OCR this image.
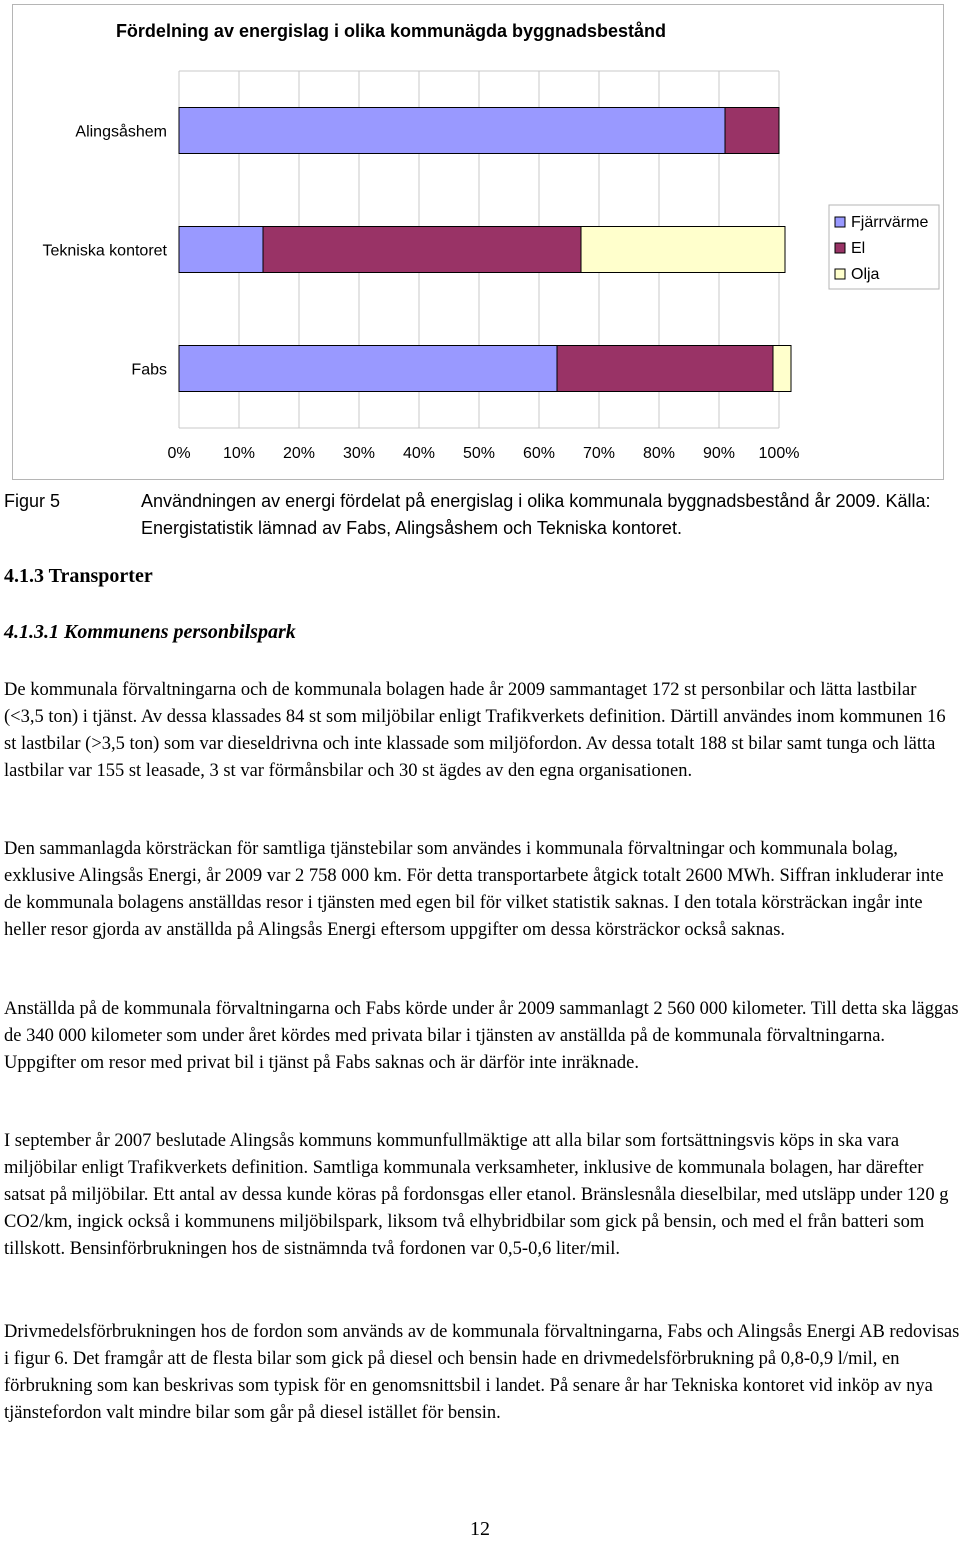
Fördelning av energislag i olika kommunägda byggnadsbestånd
Alingsåshem
Tekniska kontoret
Fabs
0% 10% 20% 30% 40% 50% 60% 70% 80% 90% 100%
Fjärrvärme
El
Olja
Figur 5	Användningen av energi fördelat på energislag i olika kommunala byggnadsbestånd år 2009. Källa: Energistatistik lämnad av Fabs, Alingsåshem och Tekniska kontoret.
4.1.3 Transporter
4.1.3.1 Kommunens personbilspark

De kommunala förvaltningarna och de kommunala bolagen hade år 2009 sammantaget 172 st personbilar och lätta lastbilar (<3,5 ton) i tjänst. Av dessa klassades 84 st som miljöbilar enligt Trafikverkets definition. Därtill användes inom kommunen 16 st lastbilar (>3,5 ton) som var dieseldrivna och inte klassade som miljöfordon. Av dessa totalt 188 st bilar samt tunga och lätta lastbilar var 155 st leasade, 3 st var förmånsbilar och 30 st ägdes av den egna organisationen.

Den sammanlagda körsträckan för samtliga tjänstebilar som användes i kommunala förvaltningar och kommunala bolag, exklusive Alingsås Energi, år 2009 var 2 758 000 km. För detta transportarbete åtgick totalt 2600 MWh. Siffran inkluderar inte de kommunala bolagens anställdas resor i tjänsten med egen bil för vilket statistik saknas. I den totala körsträckan ingår inte heller resor gjorda av anställda på Alingsås Energi eftersom uppgifter om dessa körsträckor också saknas.

Anställda på de kommunala förvaltningarna och Fabs körde under år 2009 sammanlagt 2 560 000 kilometer. Till detta ska läggas de 340 000 kilometer som under året kördes med privata bilar i tjänsten av anställda på de kommunala förvaltningarna. Uppgifter om resor med privat bil i tjänst på Fabs saknas och är därför inte inräknade.

I september år 2007 beslutade Alingsås kommuns kommunfullmäktige att alla bilar som fortsättningsvis köps in ska vara miljöbilar enligt Trafikverkets definition. Samtliga kommunala verksamheter, inklusive de kommunala bolagen, har därefter satsat på miljöbilar. Ett antal av dessa kunde köras på fordonsgas eller etanol. Bränslesnåla dieselbilar, med utsläpp under 120 g CO2/km, ingick också i kommunens miljöbilspark, liksom två elhybridbilar som gick på bensin, och med el från batteri som tillskott. Bensinförbrukningen hos de sistnämnda två fordonen var 0,5-0,6 liter/mil.

Drivmedelsförbrukningen hos de fordon som används av de kommunala förvaltningarna, Fabs och Alingsås Energi AB redovisas i figur 6. Det framgår att de flesta bilar som gick på diesel och bensin hade en drivmedelsförbrukning på 0,8-0,9 l/mil, en förbrukning som kan beskrivas som typisk för en genomsnittsbil i landet. På senare år har Tekniska kontoret vid inköp av nya tjänstefordon valt mindre bilar som går på diesel istället för bensin.

12
